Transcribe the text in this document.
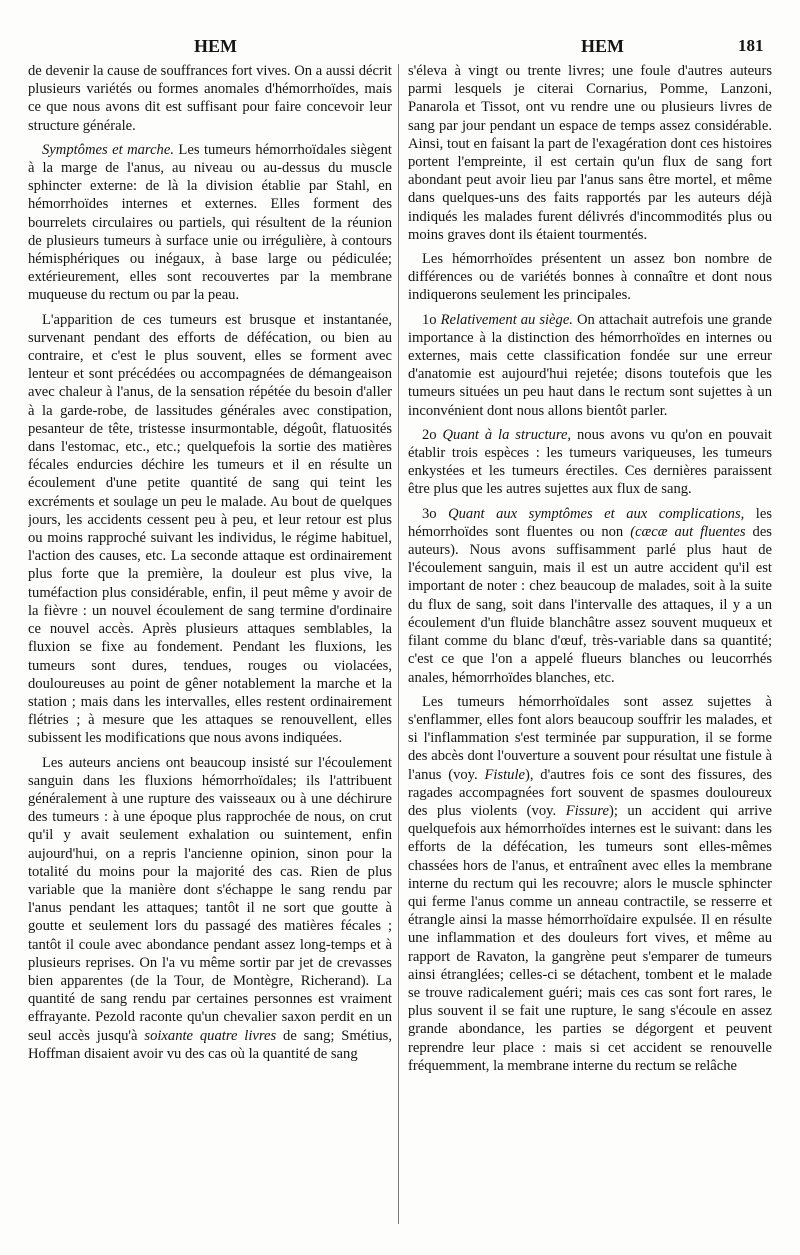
HEM	HEM	181

de devenir la cause de souffrances fort vives. On a aussi décrit plusieurs variétés ou formes anomales d'hémorrhoïdes, mais ce que nous avons dit est suffisant pour faire concevoir leur structure générale.

Symptômes et marche. Les tumeurs hémorrhoïdales siègent à la marge de l'anus, au niveau ou au-dessus du muscle sphincter externe: de là la division établie par Stahl, en hémorrhoïdes internes et externes. Elles forment des bourrelets circulaires ou partiels, qui résultent de la réunion de plusieurs tumeurs à surface unie ou irrégulière, à contours hémisphériques ou inégaux, à base large ou pédiculée; extérieurement, elles sont recouvertes par la membrane muqueuse du rectum ou par la peau.

L'apparition de ces tumeurs est brusque et instantanée, survenant pendant des efforts de défécation, ou bien au contraire, et c'est le plus souvent, elles se forment avec lenteur et sont précédées ou accompagnées de démangeaison avec chaleur à l'anus, de la sensation répétée du besoin d'aller à la garde-robe, de lassitudes générales avec constipation, pesanteur de tête, tristesse insurmontable, dégoût, flatuosités dans l'estomac, etc., etc.; quelquefois la sortie des matières fécales endurcies déchire les tumeurs et il en résulte un écoulement d'une petite quantité de sang qui teint les excréments et soulage un peu le malade. Au bout de quelques jours, les accidents cessent peu à peu, et leur retour est plus ou moins rapproché suivant les individus, le régime habituel, l'action des causes, etc. La seconde attaque est ordinairement plus forte que la première, la douleur est plus vive, la tuméfaction plus considérable, enfin, il peut même y avoir de la fièvre : un nouvel écoulement de sang termine d'ordinaire ce nouvel accès. Après plusieurs attaques semblables, la fluxion se fixe au fondement. Pendant les fluxions, les tumeurs sont dures, tendues, rouges ou violacées, douloureuses au point de gêner notablement la marche et la station ; mais dans les intervalles, elles restent ordinairement flétries ; à mesure que les attaques se renouvellent, elles subissent les modifications que nous avons indiquées.

Les auteurs anciens ont beaucoup insisté sur l'écoulement sanguin dans les fluxions hémorrhoïdales; ils l'attribuent généralement à une rupture des vaisseaux ou à une déchirure des tumeurs : à une époque plus rapprochée de nous, on crut qu'il y avait seulement exhalation ou suintement, enfin aujourd'hui, on a repris l'ancienne opinion, sinon pour la totalité du moins pour la majorité des cas. Rien de plus variable que la manière dont s'échappe le sang rendu par l'anus pendant les attaques; tantôt il ne sort que goutte à goutte et seulement lors du passagé des matières fécales ; tantôt il coule avec abondance pendant assez long-temps et à plusieurs reprises. On l'a vu même sortir par jet de crevasses bien apparentes (de la Tour, de Montègre, Richerand). La quantité de sang rendu par certaines personnes est vraiment effrayante. Pezold raconte qu'un chevalier saxon perdit en un seul accès jusqu'à soixante quatre livres de sang; Smétius, Hoffman disaient avoir vu des cas où la quantité de sang

s'éleva à vingt ou trente livres; une foule d'autres auteurs parmi lesquels je citerai Cornarius, Pomme, Lanzoni, Panarola et Tissot, ont vu rendre une ou plusieurs livres de sang par jour pendant un espace de temps assez considérable. Ainsi, tout en faisant la part de l'exagération dont ces histoires portent l'empreinte, il est certain qu'un flux de sang fort abondant peut avoir lieu par l'anus sans être mortel, et même dans quelques-uns des faits rapportés par les auteurs déjà indiqués les malades furent délivrés d'incommodités plus ou moins graves dont ils étaient tourmentés.

Les hémorrhoïdes présentent un assez bon nombre de différences ou de variétés bonnes à connaître et dont nous indiquerons seulement les principales.

1o Relativement au siège. On attachait autrefois une grande importance à la distinction des hémorrhoïdes en internes ou externes, mais cette classification fondée sur une erreur d'anatomie est aujourd'hui rejetée; disons toutefois que les tumeurs situées un peu haut dans le rectum sont sujettes à un inconvénient dont nous allons bientôt parler.

2o Quant à la structure, nous avons vu qu'on en pouvait établir trois espèces : les tumeurs variqueuses, les tumeurs enkystées et les tumeurs érectiles. Ces dernières paraissent être plus que les autres sujettes aux flux de sang.

3o Quant aux symptômes et aux complications, les hémorrhoïdes sont fluentes ou non (cæcæ aut fluentes des auteurs). Nous avons suffisamment parlé plus haut de l'écoulement sanguin, mais il est un autre accident qu'il est important de noter : chez beaucoup de malades, soit à la suite du flux de sang, soit dans l'intervalle des attaques, il y a un écoulement d'un fluide blanchâtre assez souvent muqueux et filant comme du blanc d'œuf, très-variable dans sa quantité; c'est ce que l'on a appelé flueurs blanches ou leucorrhés anales, hémorrhoïdes blanches, etc.

Les tumeurs hémorrhoïdales sont assez sujettes à s'enflammer, elles font alors beaucoup souffrir les malades, et si l'inflammation s'est terminée par suppuration, il se forme des abcès dont l'ouverture a souvent pour résultat une fistule à l'anus (voy. Fistule), d'autres fois ce sont des fissures, des ragades accompagnées fort souvent de spasmes douloureux des plus violents (voy. Fissure); un accident qui arrive quelquefois aux hémorrhoïdes internes est le suivant: dans les efforts de la défécation, les tumeurs sont elles-mêmes chassées hors de l'anus, et entraînent avec elles la membrane interne du rectum qui les recouvre; alors le muscle sphincter qui ferme l'anus comme un anneau contractile, se resserre et étrangle ainsi la masse hémorrhoïdaire expulsée. Il en résulte une inflammation et des douleurs fort vives, et même au rapport de Ravaton, la gangrène peut s'emparer de tumeurs ainsi étranglées; celles-ci se détachent, tombent et le malade se trouve radicalement guéri; mais ces cas sont fort rares, le plus souvent il se fait une rupture, le sang s'écoule en assez grande abondance, les parties se dégorgent et peuvent reprendre leur place : mais si cet accident se renouvelle fréquemment, la membrane interne du rectum se relâche
